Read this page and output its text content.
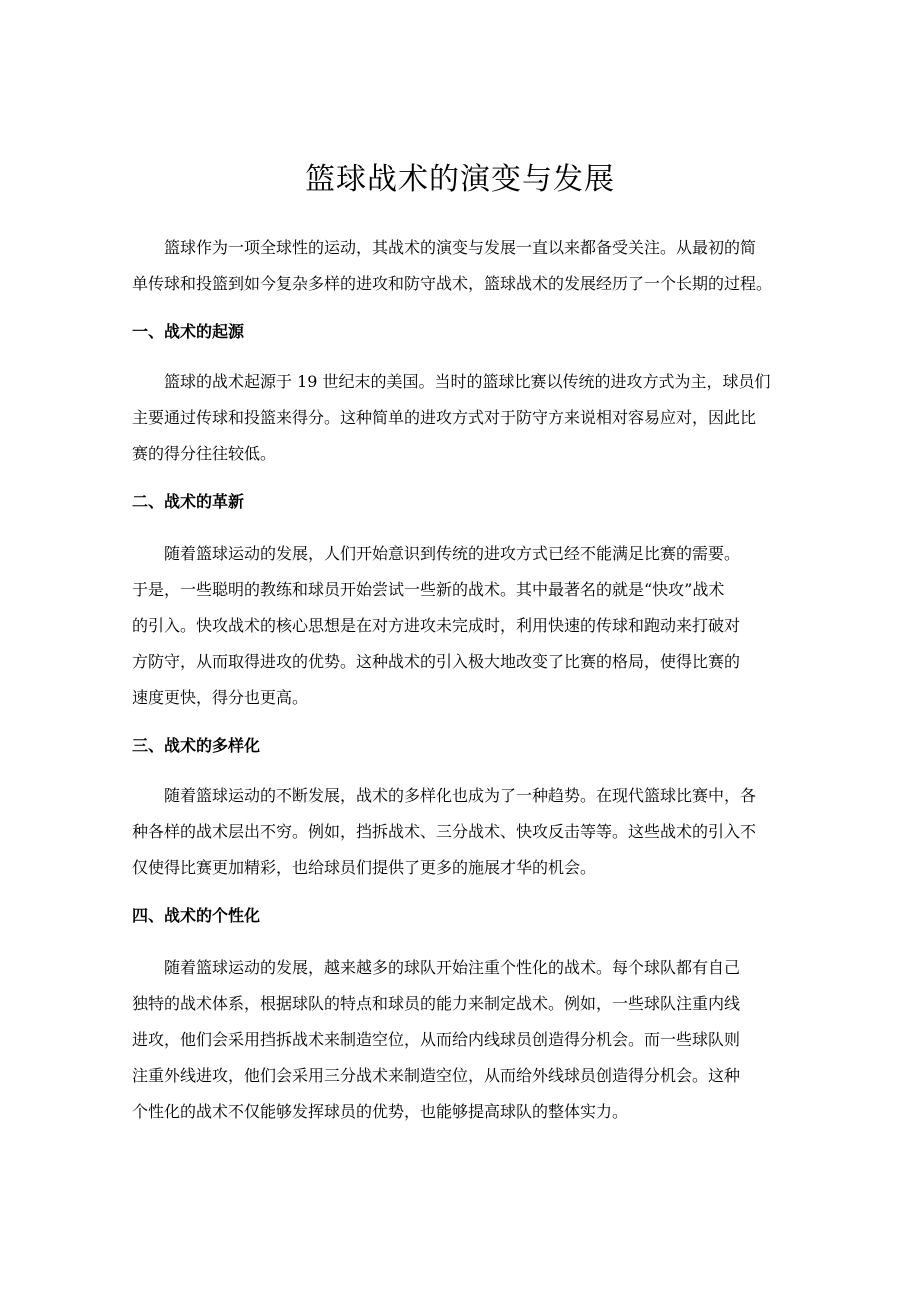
篮球战术的演变与发展
篮球作为一项全球性的运动，其战术的演变与发展一直以来都备受关注。从最初的简
单传球和投篮到如今复杂多样的进攻和防守战术，篮球战术的发展经历了一个长期的过程。
一、战术的起源
篮球的战术起源于 19 世纪末的美国。当时的篮球比赛以传统的进攻方式为主，球员们
主要通过传球和投篮来得分。这种简单的进攻方式对于防守方来说相对容易应对，因此比
赛的得分往往较低。
二、战术的革新
随着篮球运动的发展，人们开始意识到传统的进攻方式已经不能满足比赛的需要。
于是，一些聪明的教练和球员开始尝试一些新的战术。其中最著名的就是“快攻”战术
的引入。快攻战术的核心思想是在对方进攻未完成时，利用快速的传球和跑动来打破对
方防守，从而取得进攻的优势。这种战术的引入极大地改变了比赛的格局，使得比赛的
速度更快，得分也更高。
三、战术的多样化
随着篮球运动的不断发展，战术的多样化也成为了一种趋势。在现代篮球比赛中，各
种各样的战术层出不穷。例如，挡拆战术、三分战术、快攻反击等等。这些战术的引入不
仅使得比赛更加精彩，也给球员们提供了更多的施展才华的机会。
四、战术的个性化
随着篮球运动的发展，越来越多的球队开始注重个性化的战术。每个球队都有自己
独特的战术体系，根据球队的特点和球员的能力来制定战术。例如，一些球队注重内线
进攻，他们会采用挡拆战术来制造空位，从而给内线球员创造得分机会。而一些球队则
注重外线进攻，他们会采用三分战术来制造空位，从而给外线球员创造得分机会。这种
个性化的战术不仅能够发挥球员的优势，也能够提高球队的整体实力。
